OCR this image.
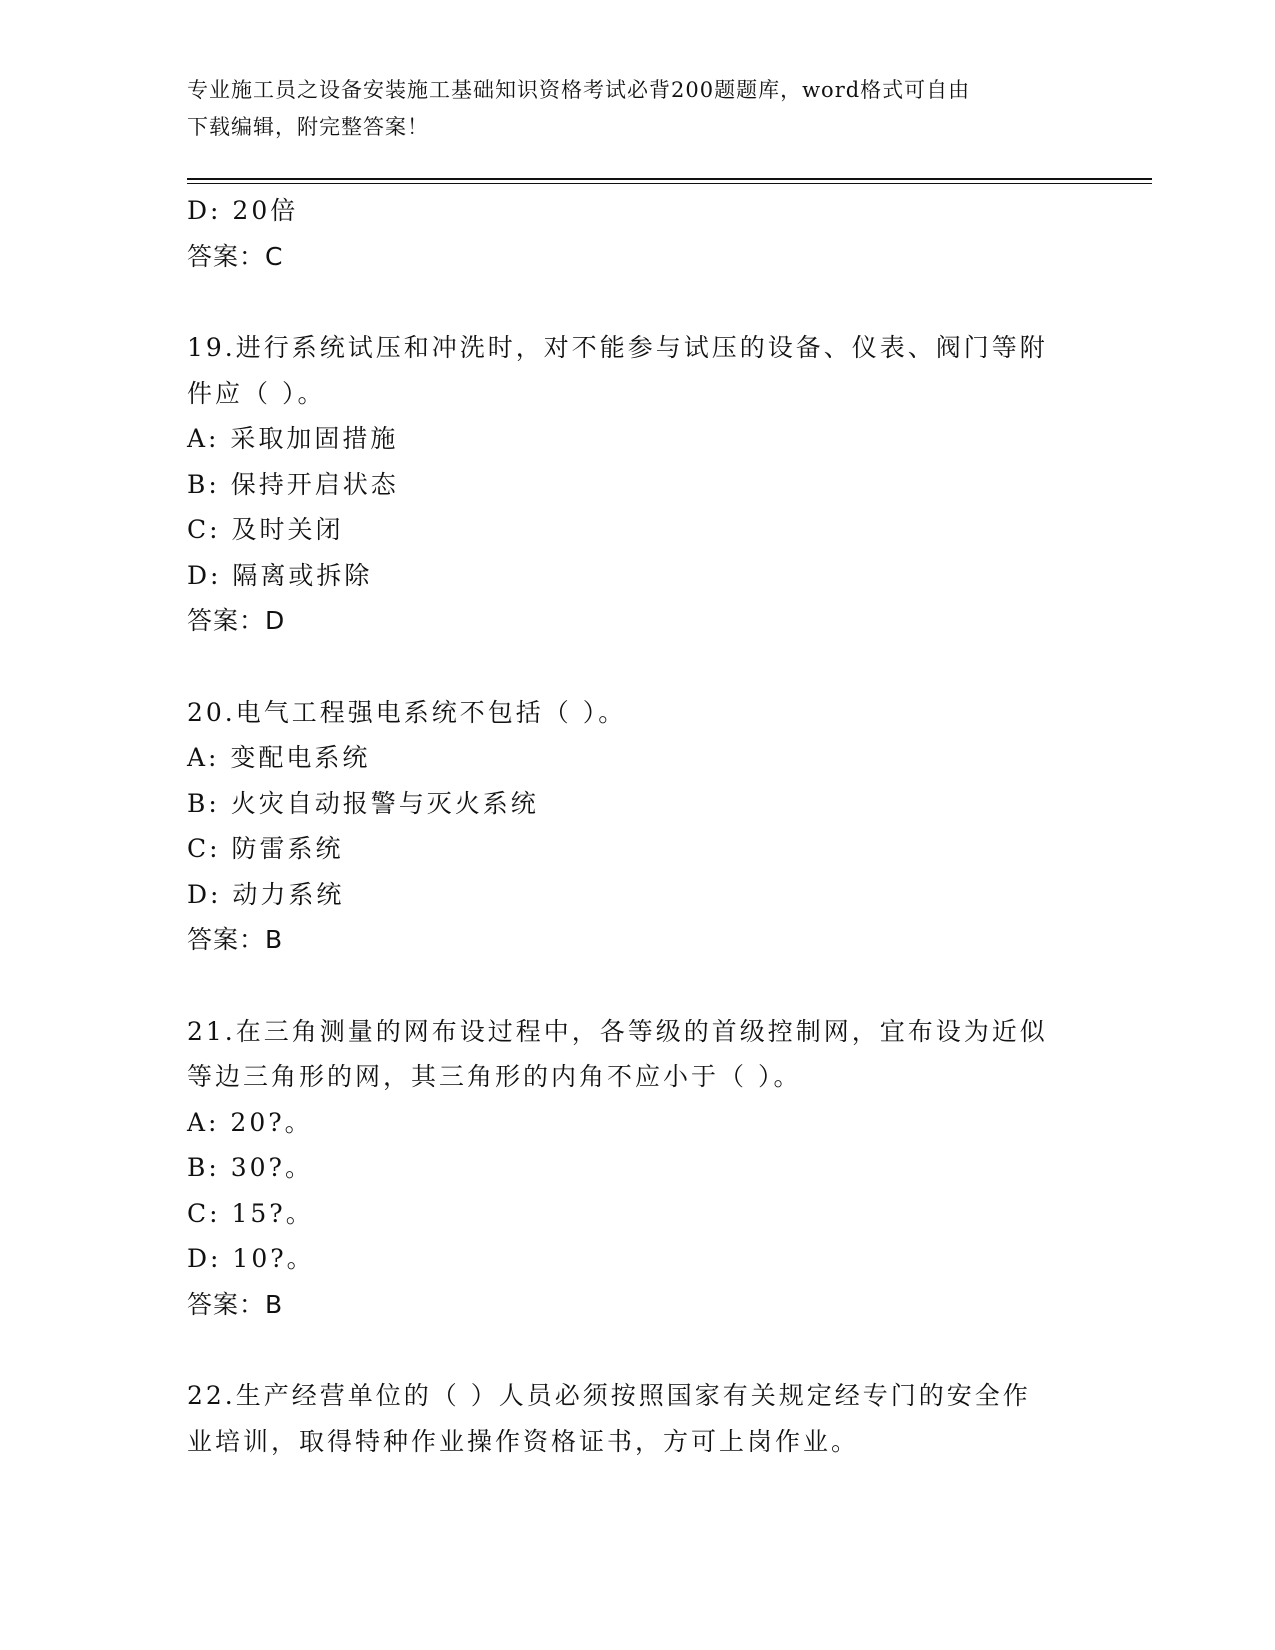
专业施工员之设备安装施工基础知识资格考试必背200题题库，word格式可自由
下载编辑，附完整答案！
D: 20倍
答案：C
19.进行系统试压和冲洗时，对不能参与试压的设备、仪表、阀门等附
件应（ ）。
A: 采取加固措施
B: 保持开启状态
C: 及时关闭
D: 隔离或拆除
答案：D
20.电气工程强电系统不包括（ ）。
A: 变配电系统
B: 火灾自动报警与灭火系统
C: 防雷系统
D: 动力系统
答案：B
21.在三角测量的网布设过程中，各等级的首级控制网，宜布设为近似
等边三角形的网，其三角形的内角不应小于（ ）。
A: 20?。
B: 30?。
C: 15?。
D: 10?。
答案：B
22.生产经营单位的（ ）人员必须按照国家有关规定经专门的安全作
业培训，取得特种作业操作资格证书，方可上岗作业。
